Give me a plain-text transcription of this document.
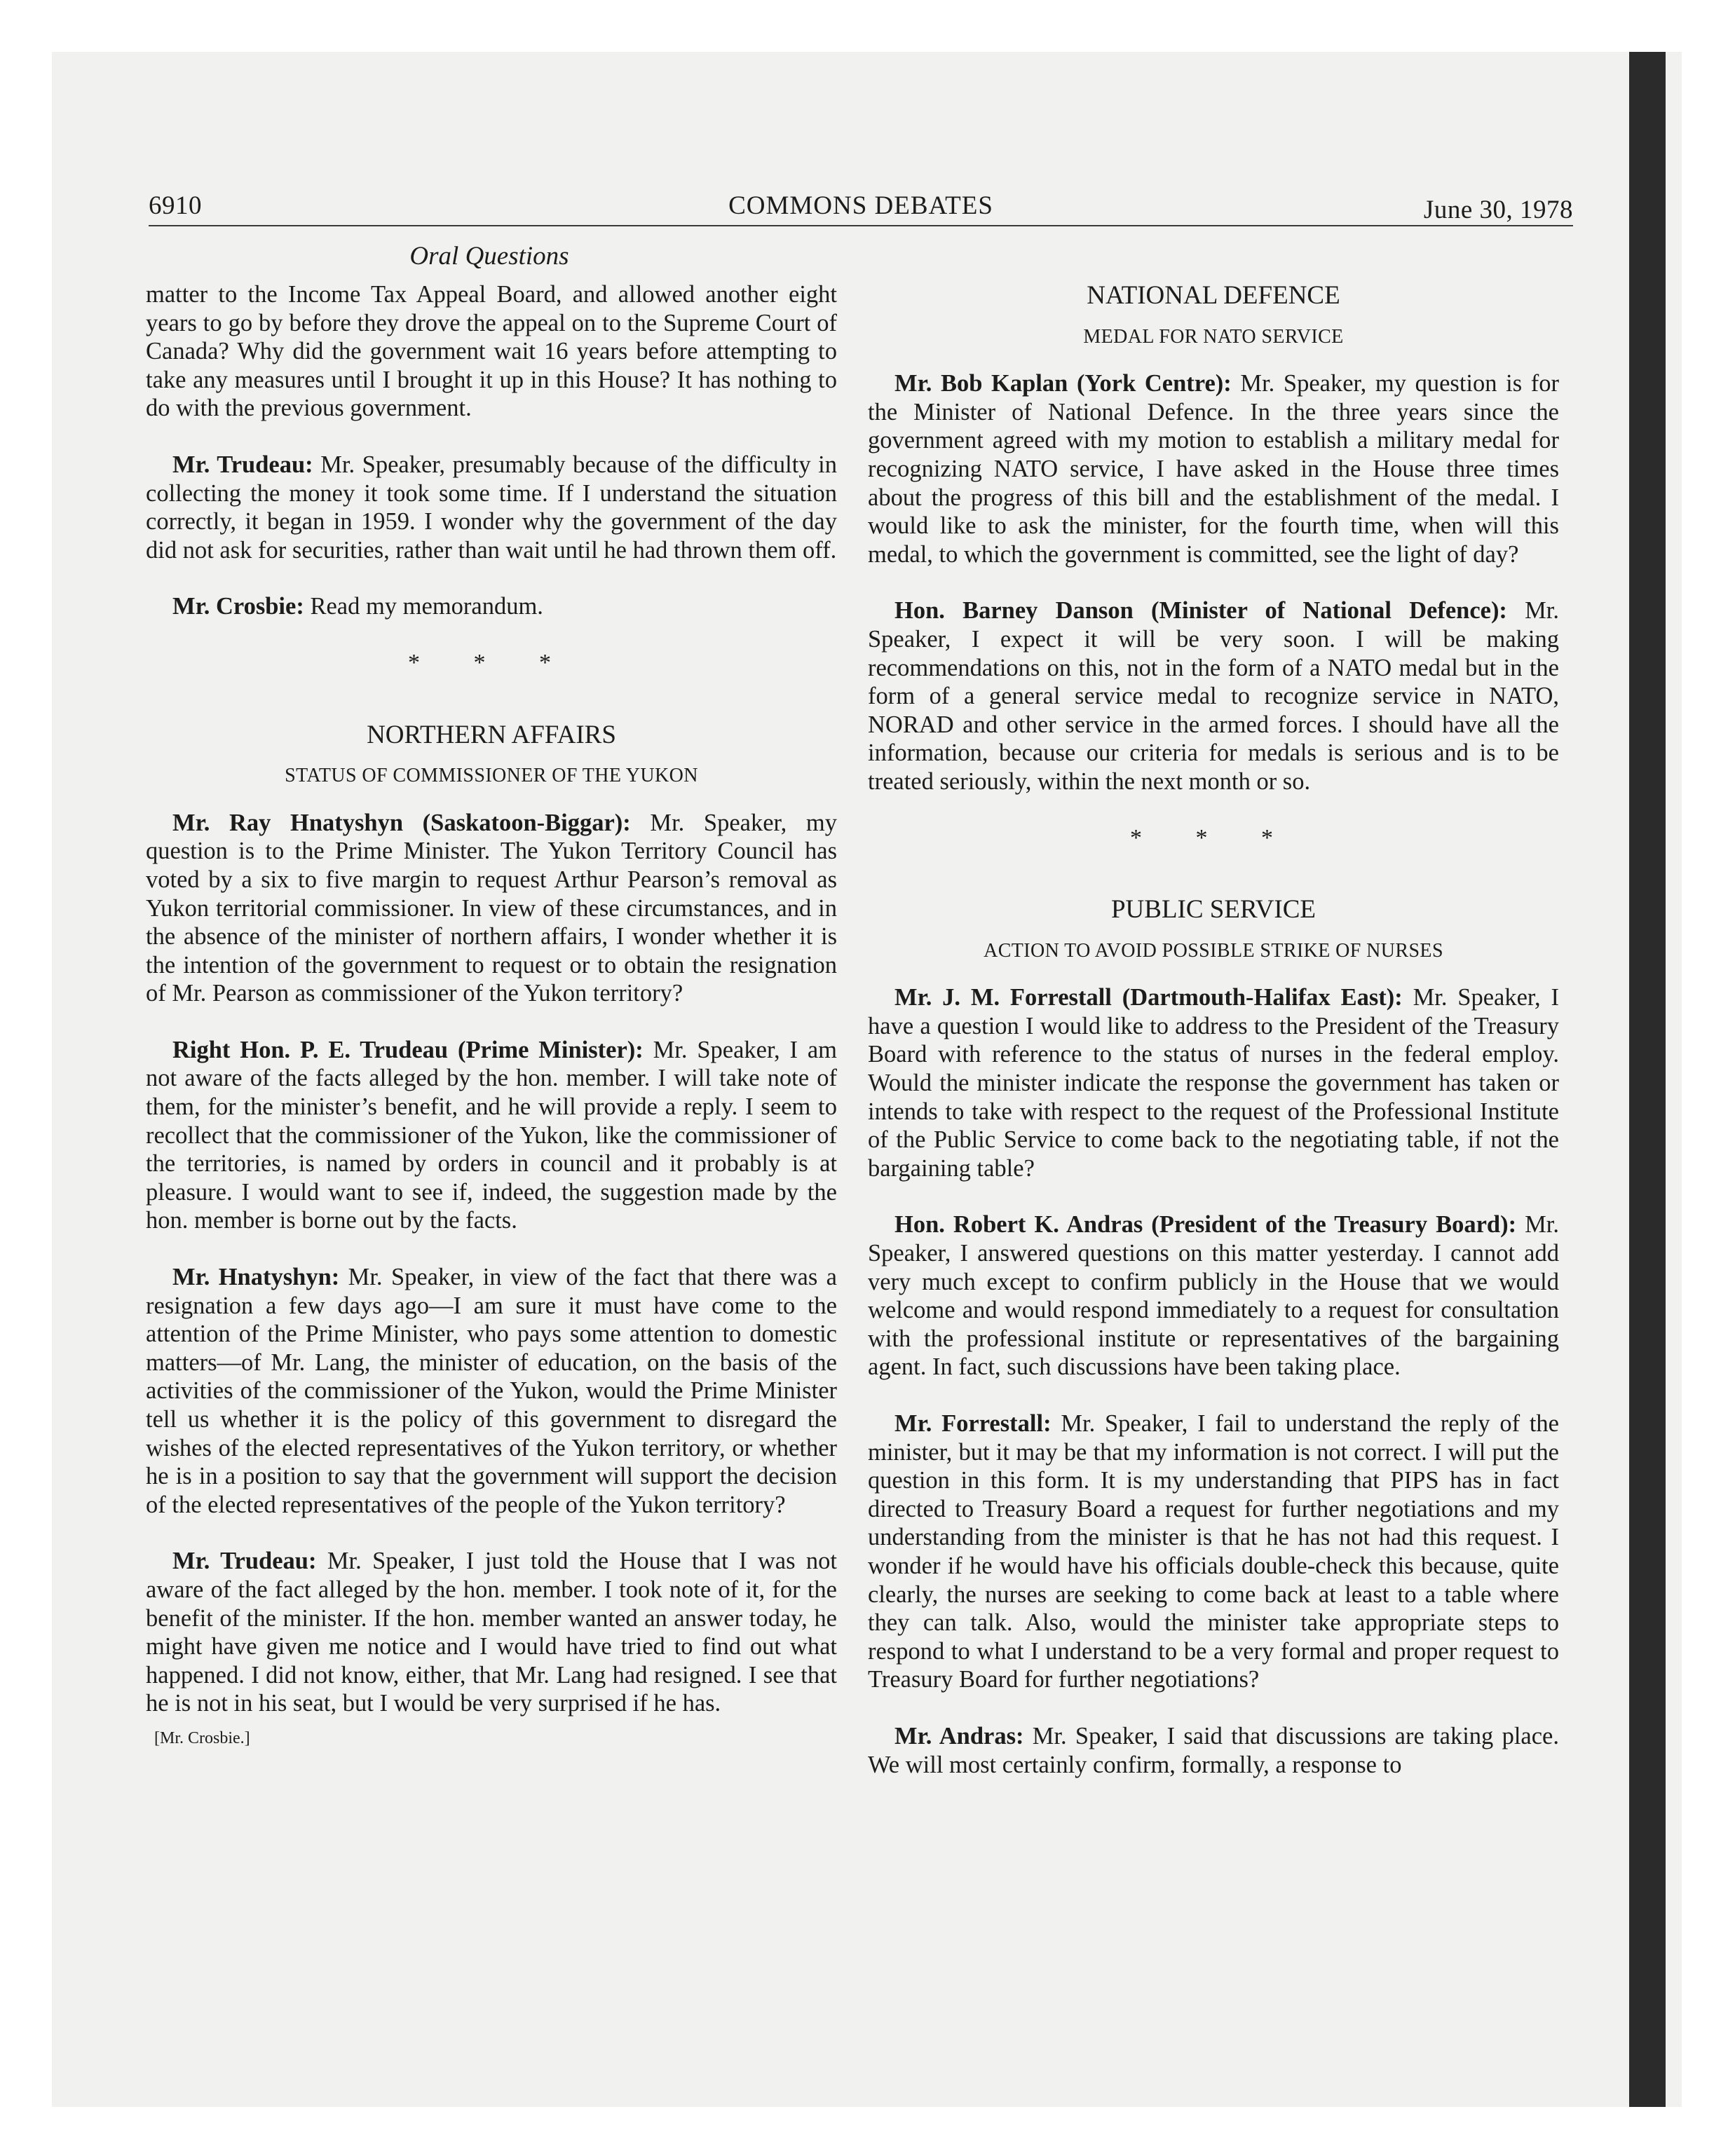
6910	COMMONS DEBATES	June 30, 1978
Oral Questions

matter to the Income Tax Appeal Board, and allowed another eight years to go by before they drove the appeal on to the Supreme Court of Canada? Why did the government wait 16 years before attempting to take any measures until I brought it up in this House? It has nothing to do with the previous government.

Mr. Trudeau: Mr. Speaker, presumably because of the difficulty in collecting the money it took some time. If I understand the situation correctly, it began in 1959. I wonder why the government of the day did not ask for securities, rather than wait until he had thrown them off.

Mr. Crosbie: Read my memorandum.

* * *
NORTHERN AFFAIRS
STATUS OF COMMISSIONER OF THE YUKON

Mr. Ray Hnatyshyn (Saskatoon-Biggar): Mr. Speaker, my question is to the Prime Minister. The Yukon Territory Council has voted by a six to five margin to request Arthur Pearson’s removal as Yukon territorial commissioner. In view of these circumstances, and in the absence of the minister of northern affairs, I wonder whether it is the intention of the government to request or to obtain the resignation of Mr. Pearson as commissioner of the Yukon territory?

Right Hon. P. E. Trudeau (Prime Minister): Mr. Speaker, I am not aware of the facts alleged by the hon. member. I will take note of them, for the minister’s benefit, and he will provide a reply. I seem to recollect that the commissioner of the Yukon, like the commissioner of the territories, is named by orders in council and it probably is at pleasure. I would want to see if, indeed, the suggestion made by the hon. member is borne out by the facts.

Mr. Hnatyshyn: Mr. Speaker, in view of the fact that there was a resignation a few days ago—I am sure it must have come to the attention of the Prime Minister, who pays some attention to domestic matters—of Mr. Lang, the minister of education, on the basis of the activities of the commissioner of the Yukon, would the Prime Minister tell us whether it is the policy of this government to disregard the wishes of the elected representatives of the Yukon territory, or whether he is in a position to say that the government will support the decision of the elected representatives of the people of the Yukon territory?

Mr. Trudeau: Mr. Speaker, I just told the House that I was not aware of the fact alleged by the hon. member. I took note of it, for the benefit of the minister. If the hon. member wanted an answer today, he might have given me notice and I would have tried to find out what happened. I did not know, either, that Mr. Lang had resigned. I see that he is not in his seat, but I would be very surprised if he has.

[Mr. Crosbie.]
NATIONAL DEFENCE
MEDAL FOR NATO SERVICE

Mr. Bob Kaplan (York Centre): Mr. Speaker, my question is for the Minister of National Defence. In the three years since the government agreed with my motion to establish a military medal for recognizing NATO service, I have asked in the House three times about the progress of this bill and the establishment of the medal. I would like to ask the minister, for the fourth time, when will this medal, to which the government is committed, see the light of day?

Hon. Barney Danson (Minister of National Defence): Mr. Speaker, I expect it will be very soon. I will be making recommendations on this, not in the form of a NATO medal but in the form of a general service medal to recognize service in NATO, NORAD and other service in the armed forces. I should have all the information, because our criteria for medals is serious and is to be treated seriously, within the next month or so.

* * *
PUBLIC SERVICE
ACTION TO AVOID POSSIBLE STRIKE OF NURSES

Mr. J. M. Forrestall (Dartmouth-Halifax East): Mr. Speaker, I have a question I would like to address to the President of the Treasury Board with reference to the status of nurses in the federal employ. Would the minister indicate the response the government has taken or intends to take with respect to the request of the Professional Institute of the Public Service to come back to the negotiating table, if not the bargaining table?

Hon. Robert K. Andras (President of the Treasury Board): Mr. Speaker, I answered questions on this matter yesterday. I cannot add very much except to confirm publicly in the House that we would welcome and would respond immediately to a request for consultation with the professional institute or representatives of the bargaining agent. In fact, such discussions have been taking place.

Mr. Forrestall: Mr. Speaker, I fail to understand the reply of the minister, but it may be that my information is not correct. I will put the question in this form. It is my understanding that PIPS has in fact directed to Treasury Board a request for further negotiations and my understanding from the minister is that he has not had this request. I wonder if he would have his officials double-check this because, quite clearly, the nurses are seeking to come back at least to a table where they can talk. Also, would the minister take appropriate steps to respond to what I understand to be a very formal and proper request to Treasury Board for further negotiations?

Mr. Andras: Mr. Speaker, I said that discussions are taking place. We will most certainly confirm, formally, a response to
